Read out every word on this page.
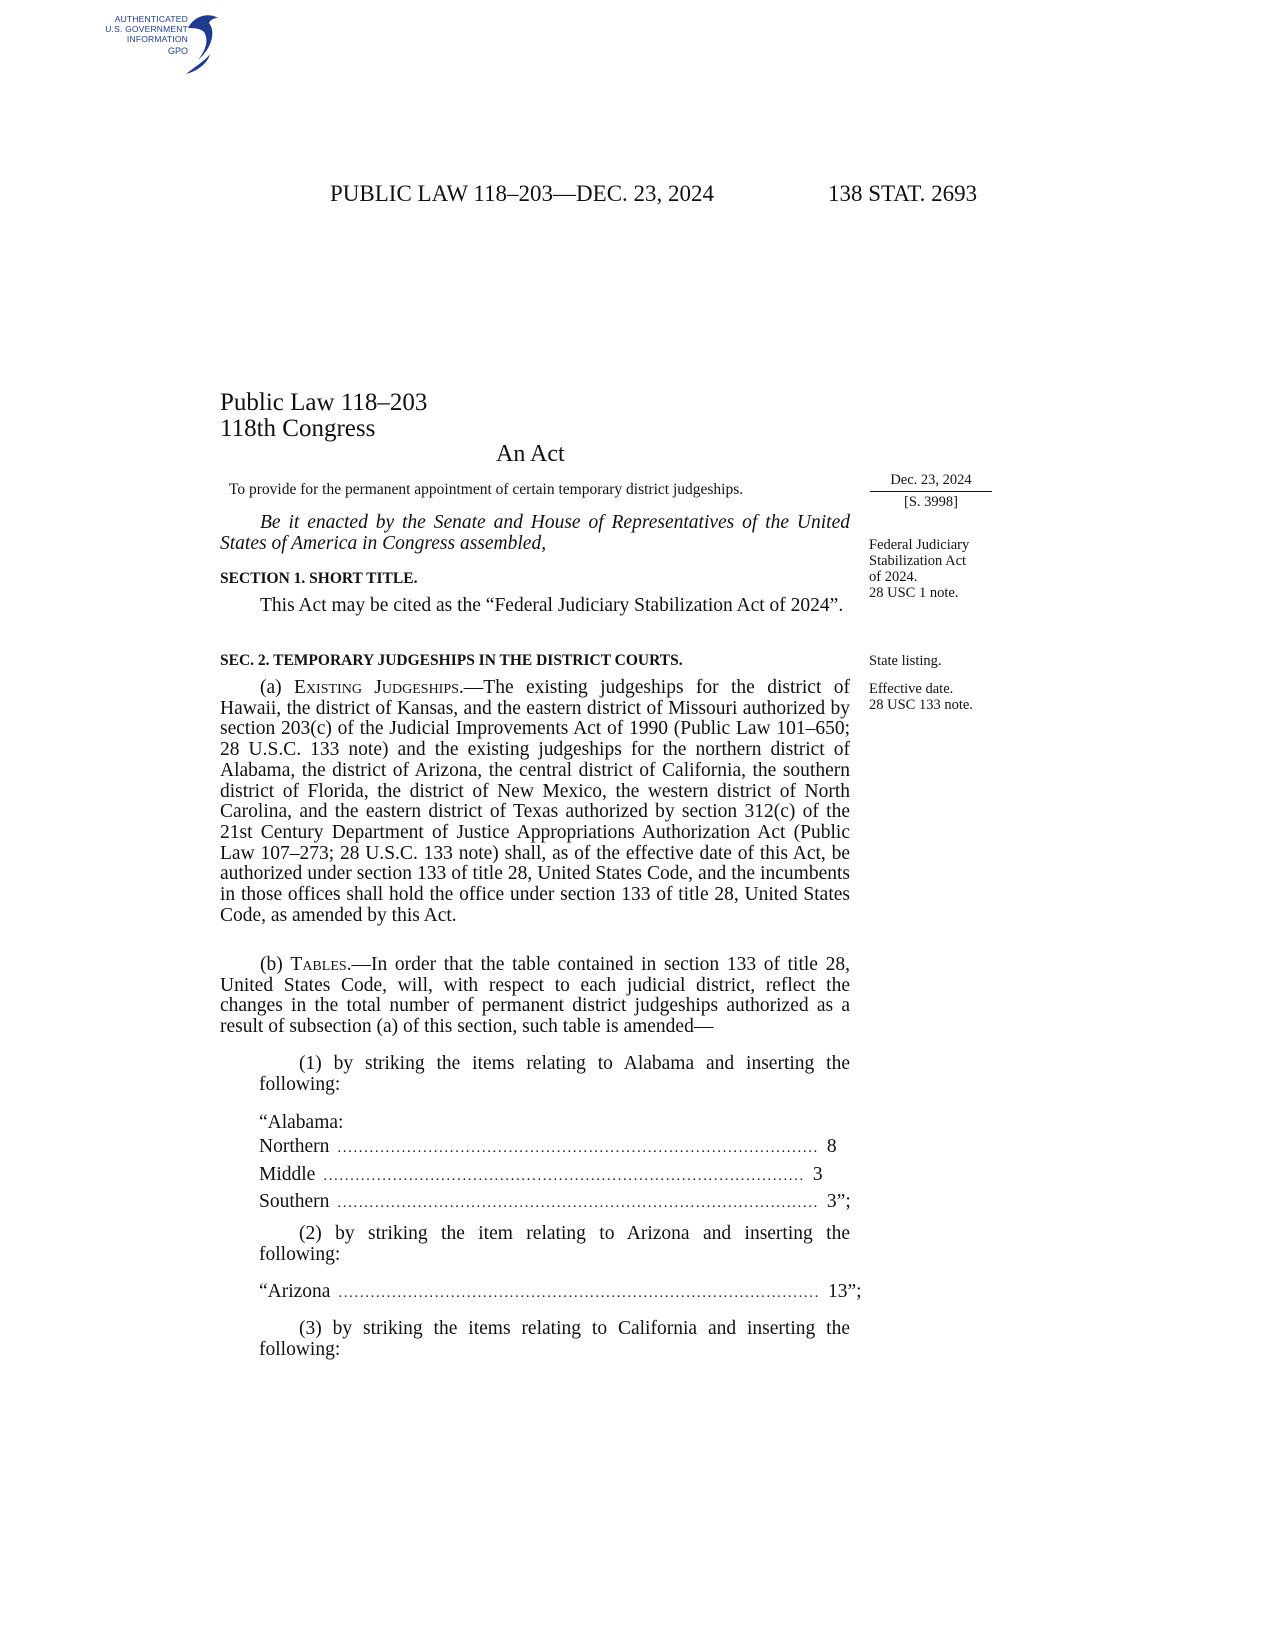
AUTHENTICATED
U.S. GOVERNMENT
INFORMATION
GPO
PUBLIC LAW 118–203—DEC. 23, 2024	138 STAT. 2693
Public Law 118–203
118th Congress
An Act
To provide for the permanent appointment of certain temporary district judgeships.
Dec. 23, 2024
[S. 3998]
Federal Judiciary
Stabilization Act
of 2024.
28 USC 1 note.
State listing.
Effective date.
28 USC 133 note.
Be it enacted by the Senate and House of Representatives of the United States of America in Congress assembled,
SECTION 1. SHORT TITLE.
This Act may be cited as the “Federal Judiciary Stabilization Act of 2024”.
SEC. 2. TEMPORARY JUDGESHIPS IN THE DISTRICT COURTS.
(a) Existing Judgeships.—The existing judgeships for the district of Hawaii, the district of Kansas, and the eastern district of Missouri authorized by section 203(c) of the Judicial Improvements Act of 1990 (Public Law 101–650; 28 U.S.C. 133 note) and the existing judgeships for the northern district of Alabama, the district of Arizona, the central district of California, the southern district of Florida, the district of New Mexico, the western district of North Carolina, and the eastern district of Texas authorized by section 312(c) of the 21st Century Department of Justice Appropriations Authorization Act (Public Law 107–273; 28 U.S.C. 133 note) shall, as of the effective date of this Act, be authorized under section 133 of title 28, United States Code, and the incumbents in those offices shall hold the office under section 133 of title 28, United States Code, as amended by this Act.
(b) Tables.—In order that the table contained in section 133 of title 28, United States Code, will, with respect to each judicial district, reflect the changes in the total number of permanent district judgeships authorized as a result of subsection (a) of this section, such table is amended—
(1) by striking the items relating to Alabama and inserting the following:
“Alabama:
Northern .......................................................................................... 8
Middle .......................................................................................... 3
Southern .......................................................................................... 3”;
(2) by striking the item relating to Arizona and inserting the following:
“Arizona .......................................................................................... 13”;
(3) by striking the items relating to California and inserting the following:
